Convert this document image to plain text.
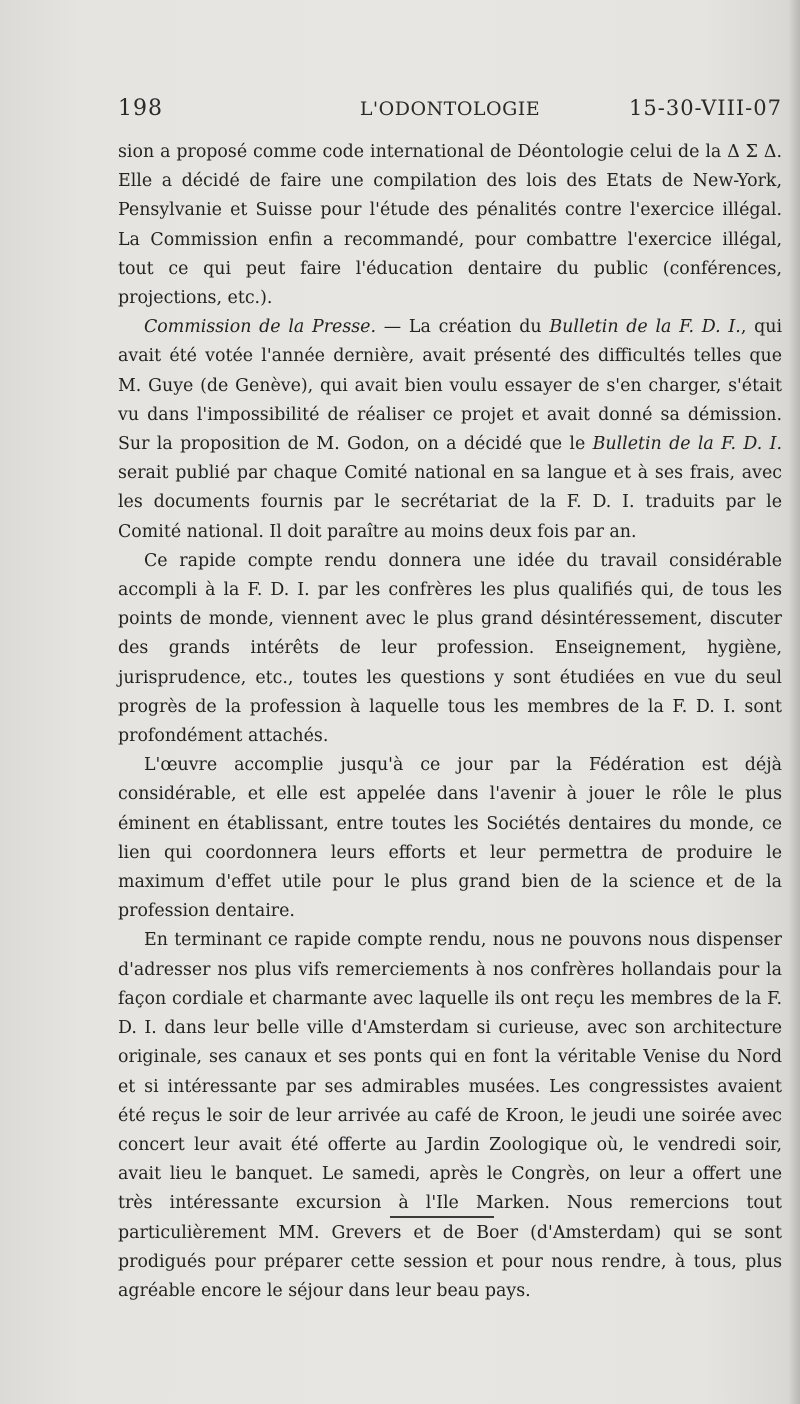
198	L'ODONTOLOGIE	15-30-VIII-07

sion a proposé comme code international de Déontologie celui de la Δ Σ Δ. Elle a décidé de faire une compilation des lois des Etats de New-York, Pensylvanie et Suisse pour l'étude des pénalités contre l'exercice illégal. La Commission enfin a recommandé, pour combattre l'exercice illégal, tout ce qui peut faire l'éducation dentaire du public (conférences, projections, etc.).

Commission de la Presse. — La création du Bulletin de la F. D. I., qui avait été votée l'année dernière, avait présenté des difficultés telles que M. Guye (de Genève), qui avait bien voulu essayer de s'en charger, s'était vu dans l'impossibilité de réaliser ce projet et avait donné sa démission. Sur la proposition de M. Godon, on a décidé que le Bulletin de la F. D. I. serait publié par chaque Comité national en sa langue et à ses frais, avec les documents fournis par le secrétariat de la F. D. I. traduits par le Comité national. Il doit paraître au moins deux fois par an.

Ce rapide compte rendu donnera une idée du travail considérable accompli à la F. D. I. par les confrères les plus qualifiés qui, de tous les points de monde, viennent avec le plus grand désintéressement, discuter des grands intérêts de leur profession. Enseignement, hygiène, jurisprudence, etc., toutes les questions y sont étudiées en vue du seul progrès de la profession à laquelle tous les membres de la F. D. I. sont profondément attachés.

L'œuvre accomplie jusqu'à ce jour par la Fédération est déjà considérable, et elle est appelée dans l'avenir à jouer le rôle le plus éminent en établissant, entre toutes les Sociétés dentaires du monde, ce lien qui coordonnera leurs efforts et leur permettra de produire le maximum d'effet utile pour le plus grand bien de la science et de la profession dentaire.

En terminant ce rapide compte rendu, nous ne pouvons nous dispenser d'adresser nos plus vifs remerciements à nos confrères hollandais pour la façon cordiale et charmante avec laquelle ils ont reçu les membres de la F. D. I. dans leur belle ville d'Amsterdam si curieuse, avec son architecture originale, ses canaux et ses ponts qui en font la véritable Venise du Nord et si intéressante par ses admirables musées. Les congressistes avaient été reçus le soir de leur arrivée au café de Kroon, le jeudi une soirée avec concert leur avait été offerte au Jardin Zoologique où, le vendredi soir, avait lieu le banquet. Le samedi, après le Congrès, on leur a offert une très intéressante excursion à l'Ile Marken. Nous remercions tout particulièrement MM. Grevers et de Boer (d'Amsterdam) qui se sont prodigués pour préparer cette session et pour nous rendre, à tous, plus agréable encore le séjour dans leur beau pays.
